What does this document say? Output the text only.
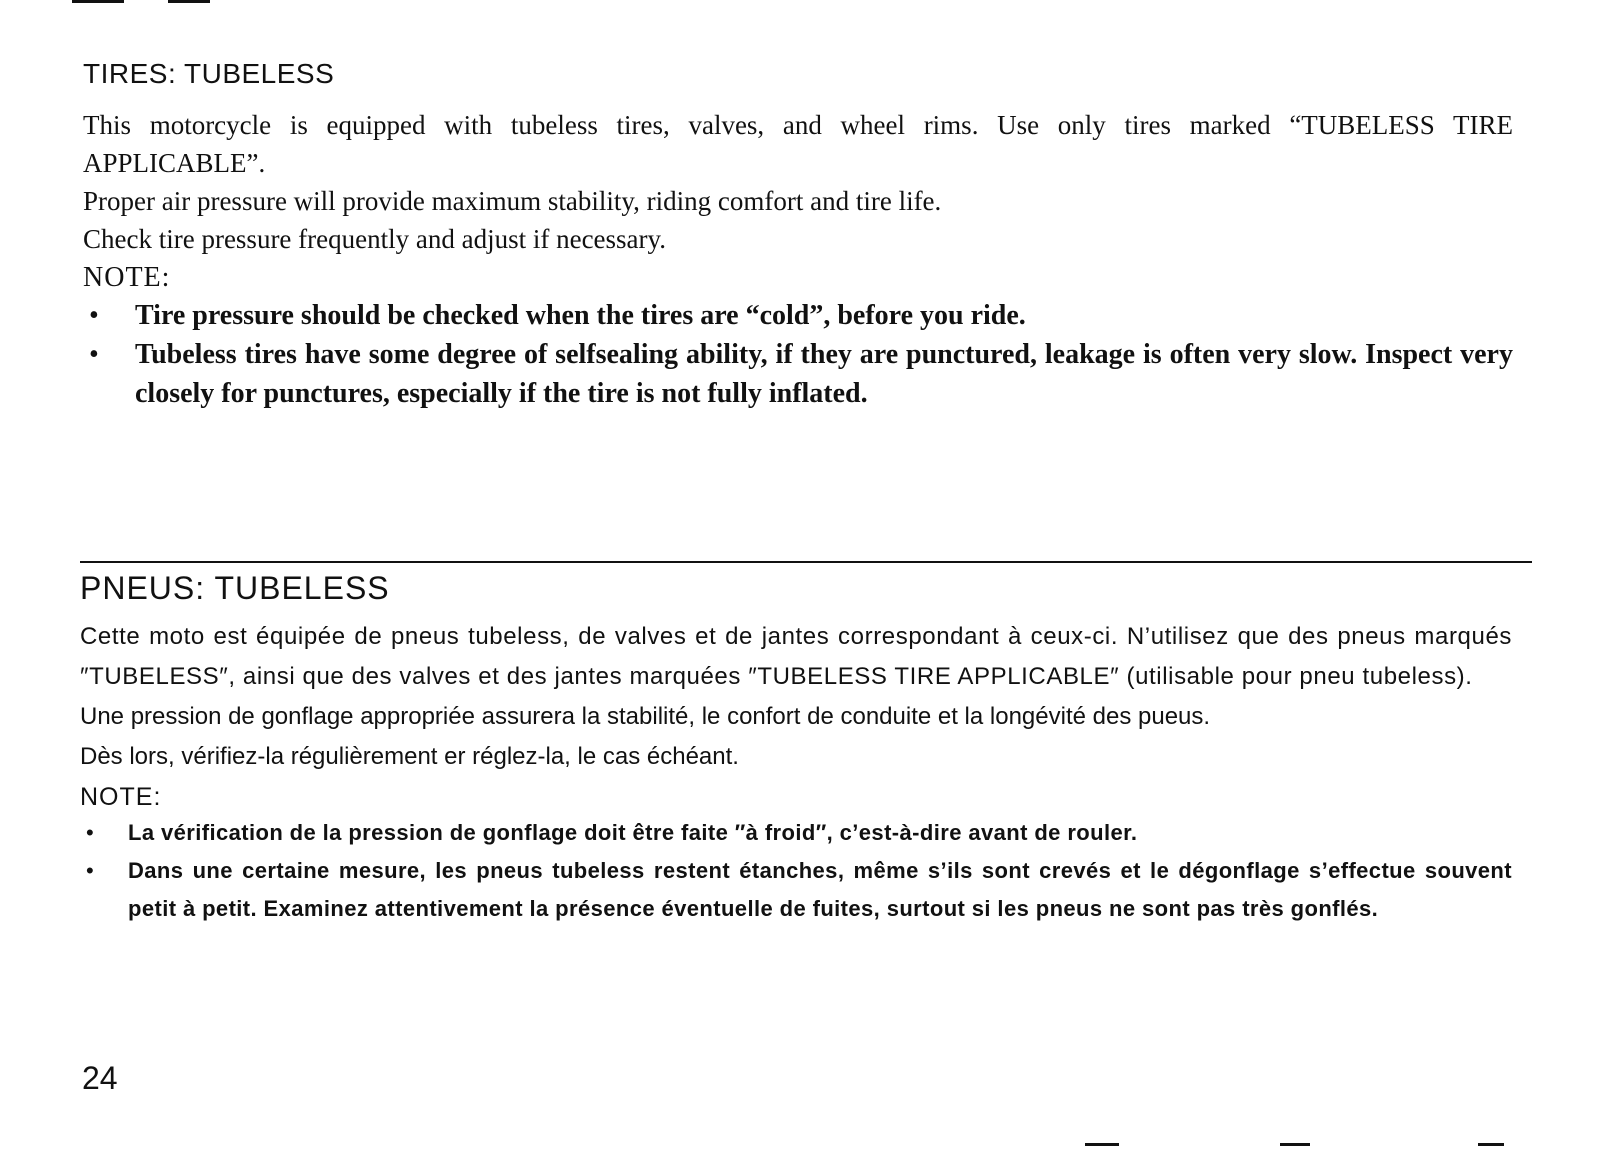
TIRES: TUBELESS

This motorcycle is equipped with tubeless tires, valves, and wheel rims. Use only tires marked “TUBELESS TIRE APPLICABLE”.

Proper air pressure will provide maximum stability, riding comfort and tire life.

Check tire pressure frequently and adjust if necessary.

NOTE:
• Tire pressure should be checked when the tires are “cold”, before you ride.
• Tubeless tires have some degree of selfsealing ability, if they are punctured, leakage is often very slow. Inspect very closely for punctures, especially if the tire is not fully inflated.
PNEUS: TUBELESS

Cette moto est équipée de pneus tubeless, de valves et de jantes correspondant à ceux-ci. N’utilisez que des pneus marqués ″TUBELESS″, ainsi que des valves et des jantes marquées ″TUBELESS TIRE APPLICABLE″ (utilisable pour pneu tubeless).

Une pression de gonflage appropriée assurera la stabilité, le confort de conduite et la longévité des pueus.

Dès lors, vérifiez-la régulièrement er réglez-la, le cas échéant.

NOTE:
• La vérification de la pression de gonflage doit être faite ″à froid″, c’est-à-dire avant de rouler.
• Dans une certaine mesure, les pneus tubeless restent étanches, même s’ils sont crevés et le dégonflage s’effectue souvent petit à petit. Examinez attentivement la présence éventuelle de fuites, surtout si les pneus ne sont pas très gonflés.
24
